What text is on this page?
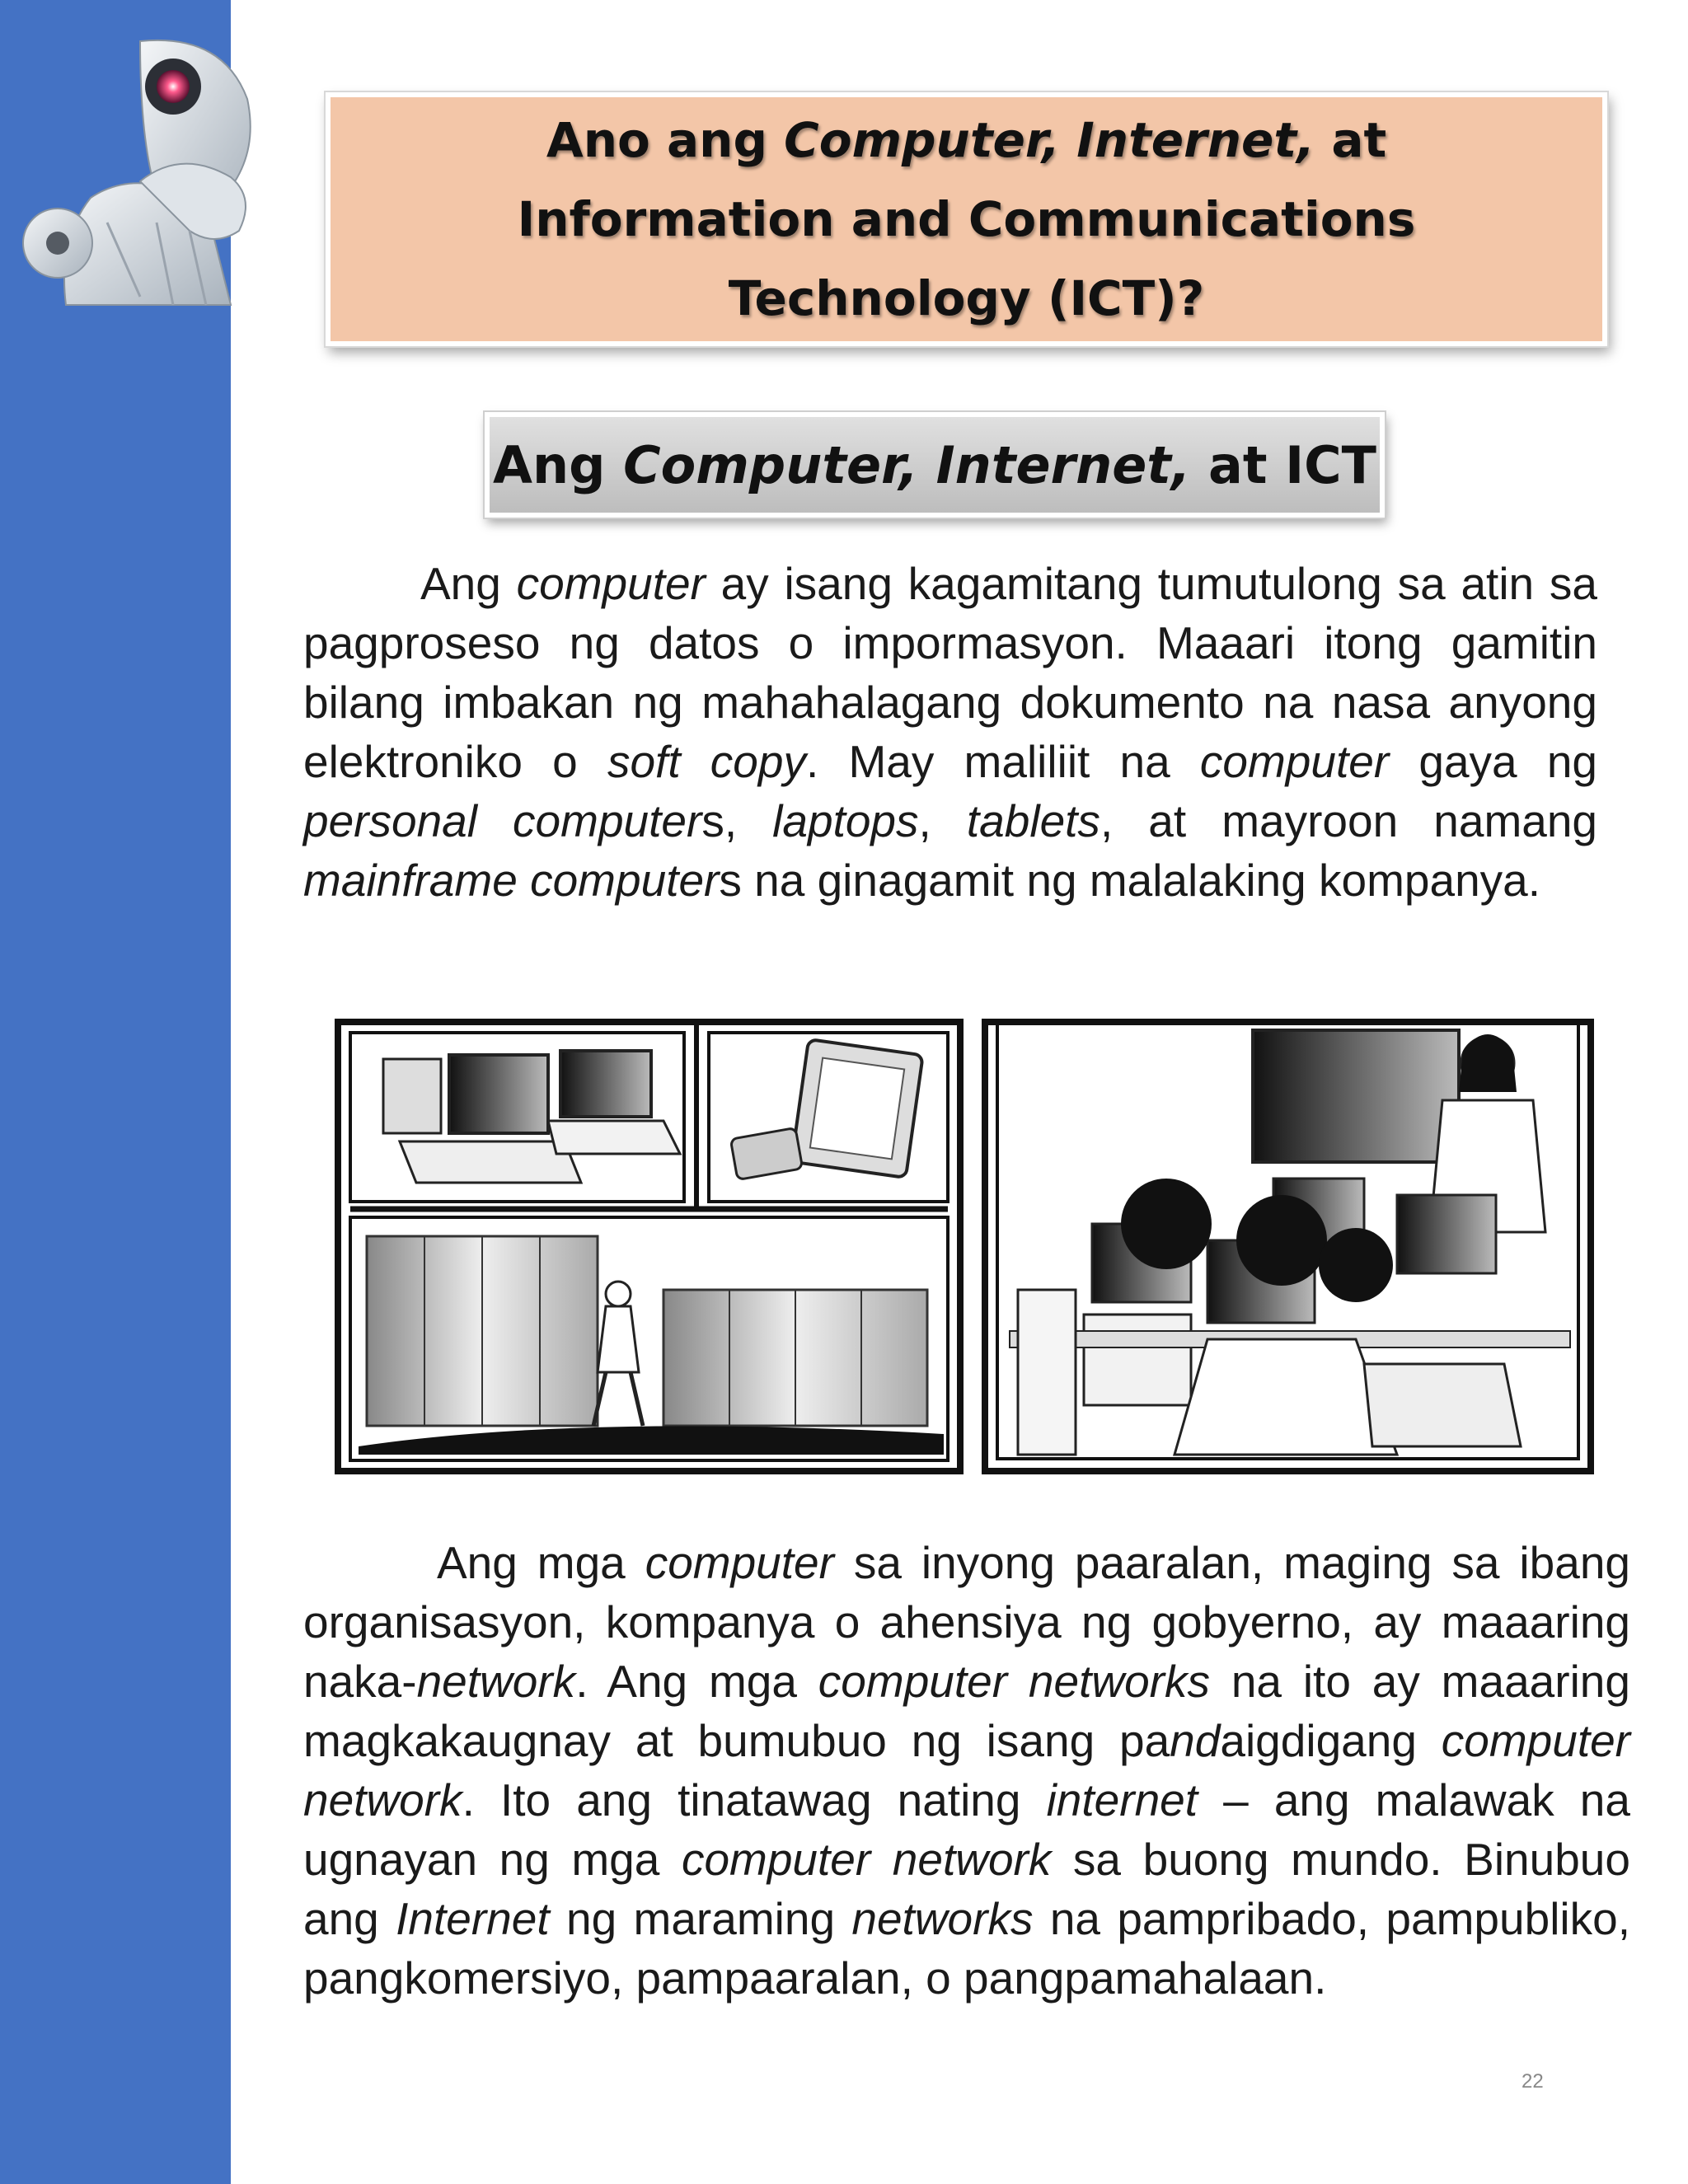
Ano ang Computer, Internet, at
Information and Communications
Technology (ICT)?
Ang Computer, Internet, at ICT
Ang computer ay isang kagamitang tumutulong sa atin sa pagproseso ng datos o impormasyon. Maaari itong gamitin bilang imbakan ng mahahalagang dokumento na nasa anyong elektroniko o soft copy. May maliliit na computer gaya ng personal computers, laptops, tablets, at mayroon namang mainframe computers na ginagamit ng malalaking kompanya.
Ang mga computer sa inyong paaralan, maging sa ibang organisasyon, kompanya o ahensiya ng gobyerno, ay maaaring naka-network. Ang mga computer networks na ito ay maaaring magkakaugnay at bumubuo ng isang pandaigdigang computer network. Ito ang tinatawag nating internet – ang malawak na ugnayan ng mga computer network sa buong mundo. Binubuo ang Internet ng maraming networks na pampribado, pampubliko, pangkomersiyo, pampaaralan, o pangpamahalaan.
22
